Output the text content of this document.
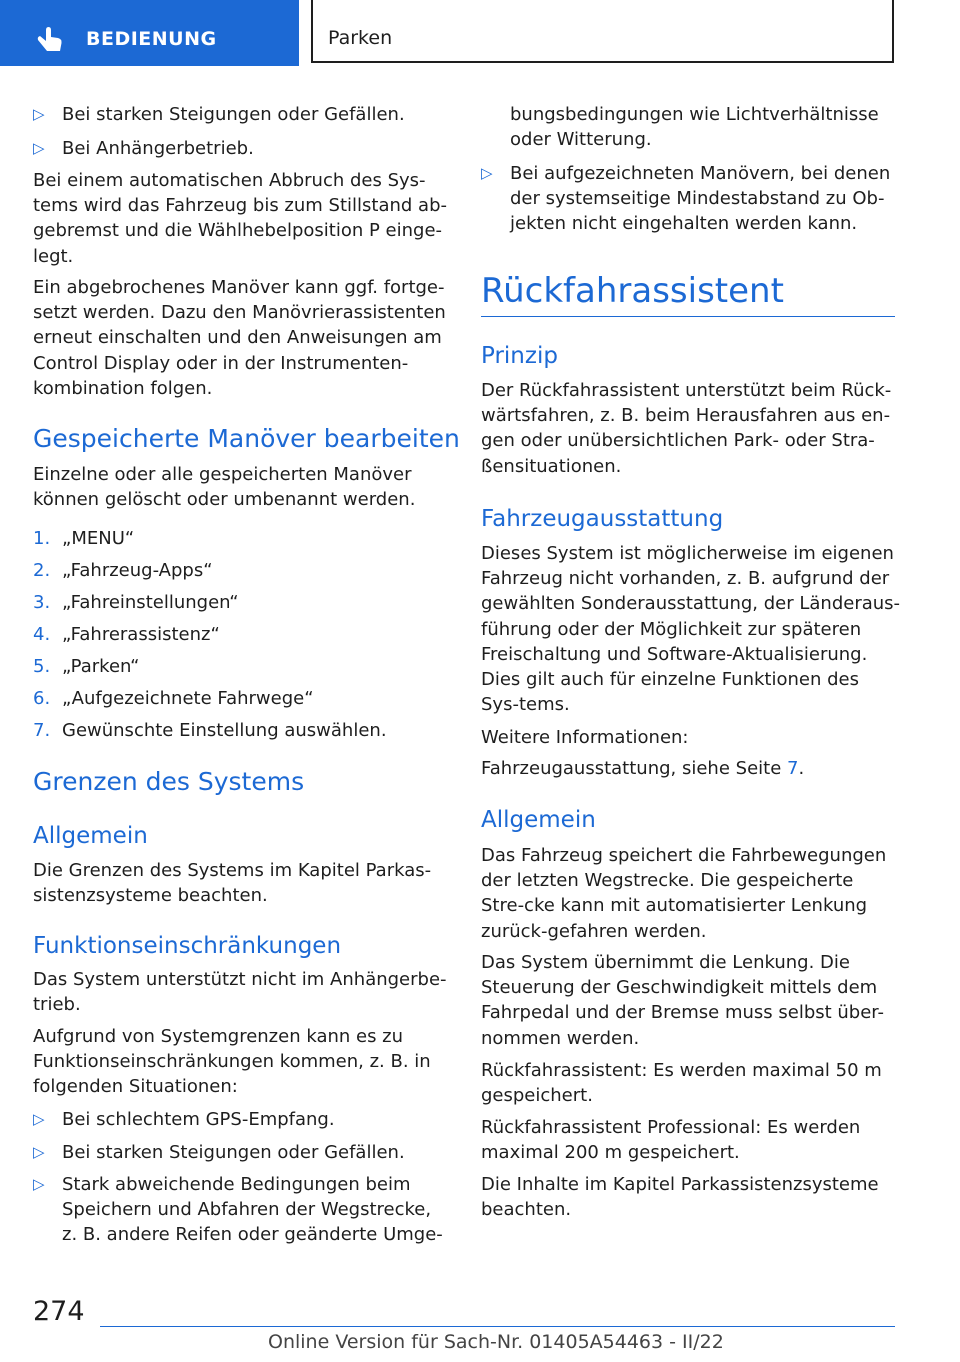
BEDIENUNG	Parken
▷ Bei starken Steigungen oder Gefällen.
▷ Bei Anhängerbetrieb.

Bei einem automatischen Abbruch des Sys-tems wird das Fahrzeug bis zum Stillstand ab-gebremst und die Wählhebelposition P einge-legt.

Ein abgebrochenes Manöver kann ggf. fortge-setzt werden. Dazu den Manövrierassistenten erneut einschalten und den Anweisungen am Control Display oder in der Instrumenten-kombination folgen.

Gespeicherte Manöver bearbeiten

Einzelne oder alle gespeicherten Manöver können gelöscht oder umbenannt werden.

1. „MENU“
2. „Fahrzeug-Apps“
3. „Fahreinstellungen“
4. „Fahrerassistenz“
5. „Parken“
6. „Aufgezeichnete Fahrwege“
7. Gewünschte Einstellung auswählen.
Grenzen des Systems
Allgemein

Die Grenzen des Systems im Kapitel Parkas-sistenzsysteme beachten.

Funktionseinschränkungen

Das System unterstützt nicht im Anhängerbe-trieb.

Aufgrund von Systemgrenzen kann es zu Funktionseinschränkungen kommen, z. B. in folgenden Situationen:

▷ Bei schlechtem GPS-Empfang.
▷ Bei starken Steigungen oder Gefällen.
▷ Stark abweichende Bedingungen beim Speichern und Abfahren der Wegstrecke, z. B. andere Reifen oder geänderte Umge-

bungsbedingungen wie Lichtverhältnisse oder Witterung.

▷ Bei aufgezeichneten Manövern, bei denen der systemseitige Mindestabstand zu Ob-jekten nicht eingehalten werden kann.
Rückfahrassistent
Prinzip

Der Rückfahrassistent unterstützt beim Rück-wärtsfahren, z. B. beim Herausfahren aus en-gen oder unübersichtlichen Park- oder Stra-ßensituationen.

Fahrzeugausstattung

Dieses System ist möglicherweise im eigenen Fahrzeug nicht vorhanden, z. B. aufgrund der gewählten Sonderausstattung, der Länderaus-führung oder der Möglichkeit zur späteren Freischaltung und Software-Aktualisierung. Dies gilt auch für einzelne Funktionen des Sys-tems.

Weitere Informationen:

Fahrzeugausstattung, siehe Seite 7.

Allgemein

Das Fahrzeug speichert die Fahrbewegungen der letzten Wegstrecke. Die gespeicherte Stre-cke kann mit automatisierter Lenkung zurück-gefahren werden.

Das System übernimmt die Lenkung. Die Steuerung der Geschwindigkeit mittels dem Fahrpedal und der Bremse muss selbst über-nommen werden.

Rückfahrassistent: Es werden maximal 50 m gespeichert.

Rückfahrassistent Professional: Es werden maximal 200 m gespeichert.

Die Inhalte im Kapitel Parkassistenzsysteme beachten.

274
Online Version für Sach-Nr. 01405A54463 - II/22
